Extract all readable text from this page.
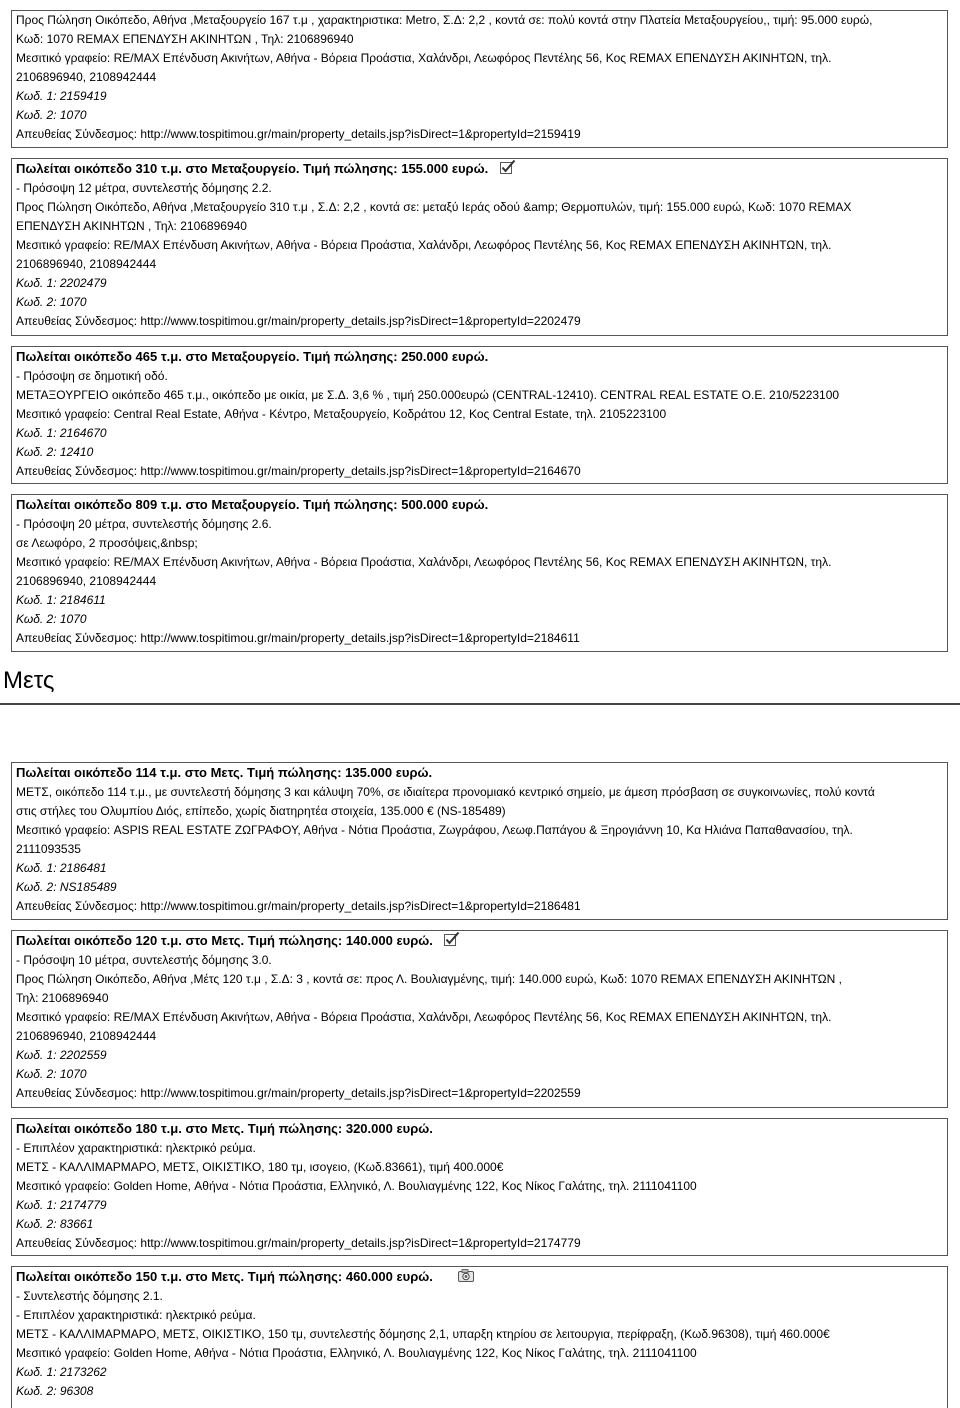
Προς Πώληση Οικόπεδο, Αθήνα ,Μεταξουργείο 167 τ.μ , χαρακτηριστικα: Metro, Σ.Δ: 2,2 , κοντά σε: πολύ κοντά στην Πλατεία Μεταξουργείου,, τιμή: 95.000 ευρώ,
Κωδ: 1070 REMAX ΕΠΕΝΔΥΣΗ ΑΚΙΝΗΤΩΝ , Τηλ: 2106896940
Μεσιτικό γραφείο: RE/MAX Επένδυση Ακινήτων, Αθήνα - Βόρεια Προάστια, Χαλάνδρι, Λεωφόρος Πεντέλης 56, Κος REMAX ΕΠΕΝΔΥΣΗ ΑΚΙΝΗΤΩΝ, τηλ.
2106896940, 2108942444
Κωδ. 1: 2159419
Κωδ. 2: 1070
Απευθείας Σύνδεσμος: http://www.tospitimou.gr/main/property_details.jsp?isDirect=1&propertyId=2159419
Πωλείται οικόπεδο 310 τ.μ. στο Μεταξουργείο. Τιμή πώλησης: 155.000 ευρώ.
- Πρόσοψη 12 μέτρα, συντελεστής δόμησης 2.2.
Προς Πώληση Οικόπεδο, Αθήνα ,Μεταξουργείο 310 τ.μ , Σ.Δ: 2,2 , κοντά σε: μεταξύ Ιεράς οδού &amp; Θερμοπυλών, τιμή: 155.000 ευρώ, Κωδ: 1070 REMAX
ΕΠΕΝΔΥΣΗ ΑΚΙΝΗΤΩΝ , Τηλ: 2106896940
Μεσιτικό γραφείο: RE/MAX Επένδυση Ακινήτων, Αθήνα - Βόρεια Προάστια, Χαλάνδρι, Λεωφόρος Πεντέλης 56, Κος REMAX ΕΠΕΝΔΥΣΗ ΑΚΙΝΗΤΩΝ, τηλ.
2106896940, 2108942444
Κωδ. 1: 2202479
Κωδ. 2: 1070
Απευθείας Σύνδεσμος: http://www.tospitimou.gr/main/property_details.jsp?isDirect=1&propertyId=2202479
Πωλείται οικόπεδο 465 τ.μ. στο Μεταξουργείο. Τιμή πώλησης: 250.000 ευρώ.
- Πρόσοψη σε δημοτική οδό.
ΜΕΤΑΞΟΥΡΓΕΙΟ οικόπεδο 465 τ.μ., οικόπεδο με οικία, με Σ.Δ. 3,6 % , τιμή 250.000ευρώ (CENTRAL-12410). CENTRAL REAL ESTATE Ο.Ε. 210/5223100
Μεσιτικό γραφείο: Central Real Estate, Αθήνα - Κέντρο, Μεταξουργείο, Κοδράτου 12, Κος Central Estate, τηλ. 2105223100
Κωδ. 1: 2164670
Κωδ. 2: 12410
Απευθείας Σύνδεσμος: http://www.tospitimou.gr/main/property_details.jsp?isDirect=1&propertyId=2164670
Πωλείται οικόπεδο 809 τ.μ. στο Μεταξουργείο. Τιμή πώλησης: 500.000 ευρώ.
- Πρόσοψη 20 μέτρα, συντελεστής δόμησης 2.6.
σε Λεωφόρο, 2 προσόψεις,&nbsp;
Μεσιτικό γραφείο: RE/MAX Επένδυση Ακινήτων, Αθήνα - Βόρεια Προάστια, Χαλάνδρι, Λεωφόρος Πεντέλης 56, Κος REMAX ΕΠΕΝΔΥΣΗ ΑΚΙΝΗΤΩΝ, τηλ.
2106896940, 2108942444
Κωδ. 1: 2184611
Κωδ. 2: 1070
Απευθείας Σύνδεσμος: http://www.tospitimou.gr/main/property_details.jsp?isDirect=1&propertyId=2184611
Μετς
Πωλείται οικόπεδο 114 τ.μ. στο Μετς. Τιμή πώλησης: 135.000 ευρώ.
ΜΕΤΣ, οικόπεδο 114 τ.μ., με συντελεστή δόμησης 3 και κάλυψη 70%, σε ιδιαίτερα προνομιακό κεντρικό σημείο, με άμεση πρόσβαση σε συγκοινωνίες, πολύ κοντά
στις στήλες του Ολυμπίου Διός, επίπεδο, χωρίς διατηρητέα στοιχεία, 135.000 € (NS-185489)
Μεσιτικό γραφείο: ASPIS REAL ESTATE ΖΩΓΡΑΦΟΥ, Αθήνα - Νότια Προάστια, Ζωγράφου, Λεωφ.Παπάγου & Ξηρογιάννη 10, Κα Ηλιάνα Παπαθανασίου, τηλ.
2111093535
Κωδ. 1: 2186481
Κωδ. 2: NS185489
Απευθείας Σύνδεσμος: http://www.tospitimou.gr/main/property_details.jsp?isDirect=1&propertyId=2186481
Πωλείται οικόπεδο 120 τ.μ. στο Μετς. Τιμή πώλησης: 140.000 ευρώ.
- Πρόσοψη 10 μέτρα, συντελεστής δόμησης 3.0.
Προς Πώληση Οικόπεδο, Αθήνα ,Μέτς 120 τ.μ , Σ.Δ: 3 , κοντά σε: προς Λ. Βουλιαγμένης, τιμή: 140.000 ευρώ, Κωδ: 1070 REMAX ΕΠΕΝΔΥΣΗ ΑΚΙΝΗΤΩΝ ,
Τηλ: 2106896940
Μεσιτικό γραφείο: RE/MAX Επένδυση Ακινήτων, Αθήνα - Βόρεια Προάστια, Χαλάνδρι, Λεωφόρος Πεντέλης 56, Κος REMAX ΕΠΕΝΔΥΣΗ ΑΚΙΝΗΤΩΝ, τηλ.
2106896940, 2108942444
Κωδ. 1: 2202559
Κωδ. 2: 1070
Απευθείας Σύνδεσμος: http://www.tospitimou.gr/main/property_details.jsp?isDirect=1&propertyId=2202559
Πωλείται οικόπεδο 180 τ.μ. στο Μετς. Τιμή πώλησης: 320.000 ευρώ.
- Επιπλέον χαρακτηριστικά: ηλεκτρικό ρεύμα.
ΜΕΤΣ - ΚΑΛΛΙΜΑΡΜΑΡΟ, ΜΕΤΣ, ΟΙΚΙΣΤΙΚΟ, 180 τμ, ισογειο, (Κωδ.83661), τιμή 400.000€
Μεσιτικό γραφείο: Golden Home, Αθήνα - Νότια Προάστια, Ελληνικό, Λ. Βουλιαγμένης 122, Κος Νίκος Γαλάτης, τηλ. 2111041100
Κωδ. 1: 2174779
Κωδ. 2: 83661
Απευθείας Σύνδεσμος: http://www.tospitimou.gr/main/property_details.jsp?isDirect=1&propertyId=2174779
Πωλείται οικόπεδο 150 τ.μ. στο Μετς. Τιμή πώλησης: 460.000 ευρώ.
- Συντελεστής δόμησης 2.1.
- Επιπλέον χαρακτηριστικά: ηλεκτρικό ρεύμα.
ΜΕΤΣ - ΚΑΛΛΙΜΑΡΜΑΡΟ, ΜΕΤΣ, ΟΙΚΙΣΤΙΚΟ, 150 τμ, συντελεστής δόμησης 2,1, υπαρξη κτηρίου σε λειτουργια, περίφραξη, (Κωδ.96308), τιμή 460.000€
Μεσιτικό γραφείο: Golden Home, Αθήνα - Νότια Προάστια, Ελληνικό, Λ. Βουλιαγμένης 122, Κος Νίκος Γαλάτης, τηλ. 2111041100
Κωδ. 1: 2173262
Κωδ. 2: 96308
